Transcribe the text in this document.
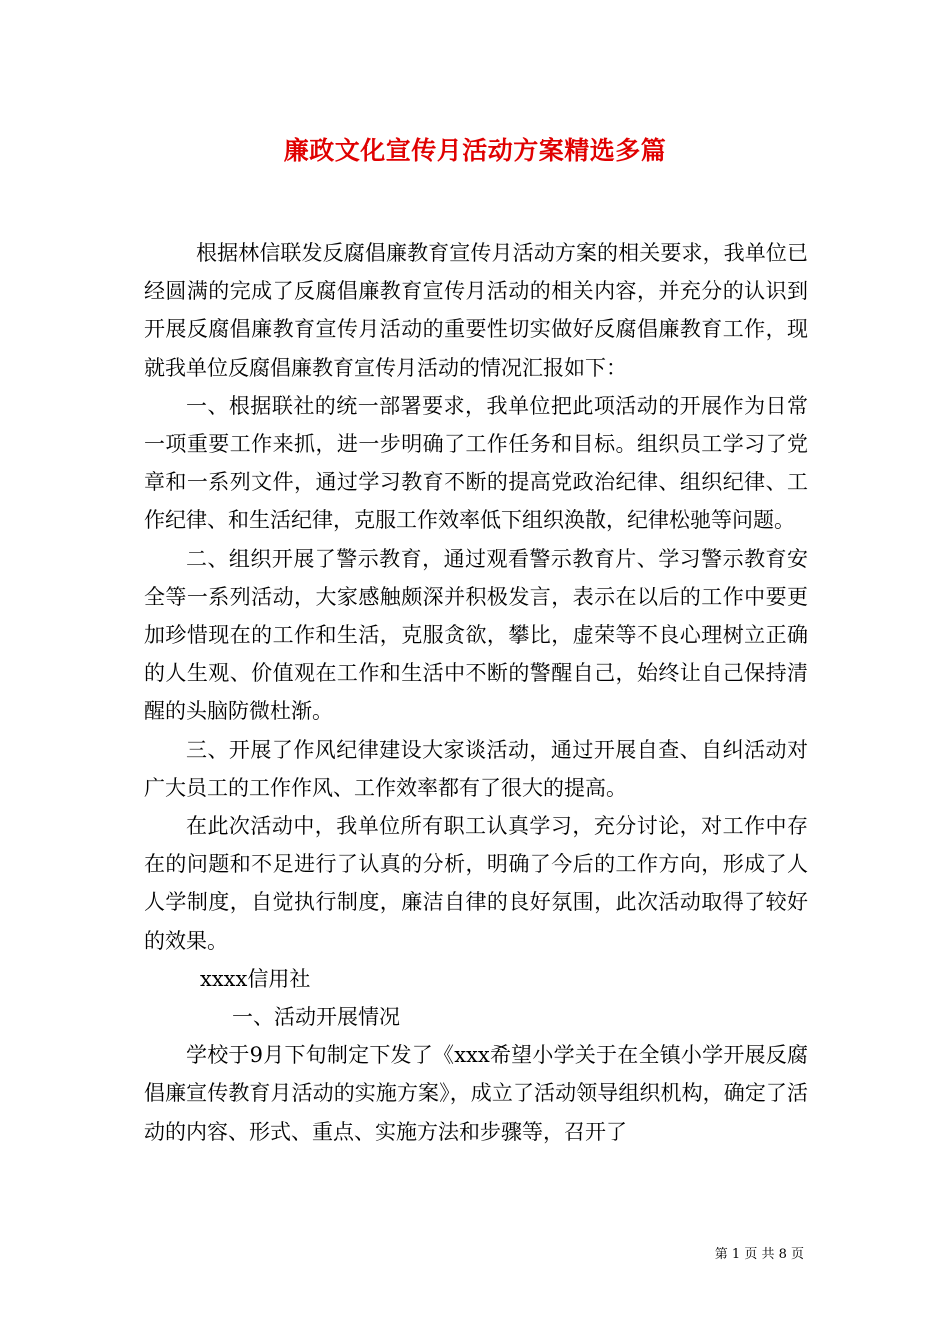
廉政文化宣传月活动方案精选多篇

根据林信联发反腐倡廉教育宣传月活动方案的相关要求，我单位已经圆满的完成了反腐倡廉教育宣传月活动的相关内容，并充分的认识到开展反腐倡廉教育宣传月活动的重要性切实做好反腐倡廉教育工作，现就我单位反腐倡廉教育宣传月活动的情况汇报如下：

一、根据联社的统一部署要求，我单位把此项活动的开展作为日常一项重要工作来抓，进一步明确了工作任务和目标。组织员工学习了党章和一系列文件，通过学习教育不断的提高党政治纪律、组织纪律、工作纪律、和生活纪律，克服工作效率低下组织涣散，纪律松驰等问题。

二、组织开展了警示教育，通过观看警示教育片、学习警示教育安全等一系列活动，大家感触颇深并积极发言，表示在以后的工作中要更加珍惜现在的工作和生活，克服贪欲，攀比，虚荣等不良心理树立正确的人生观、价值观在工作和生活中不断的警醒自己，始终让自己保持清醒的头脑防微杜渐。

三、开展了作风纪律建设大家谈活动，通过开展自查、自纠活动对广大员工的工作作风、工作效率都有了很大的提高。

在此次活动中，我单位所有职工认真学习，充分讨论，对工作中存在的问题和不足进行了认真的分析，明确了今后的工作方向，形成了人人学制度，自觉执行制度，廉洁自律的良好氛围，此次活动取得了较好的效果。

xxxx信用社

一、活动开展情况

学校于9月下旬制定下发了《xxx希望小学关于在全镇小学开展反腐倡廉宣传教育月活动的实施方案》，成立了活动领导组织机构，确定了活动的内容、形式、重点、实施方法和步骤等，召开了

第 1 页 共 8 页
